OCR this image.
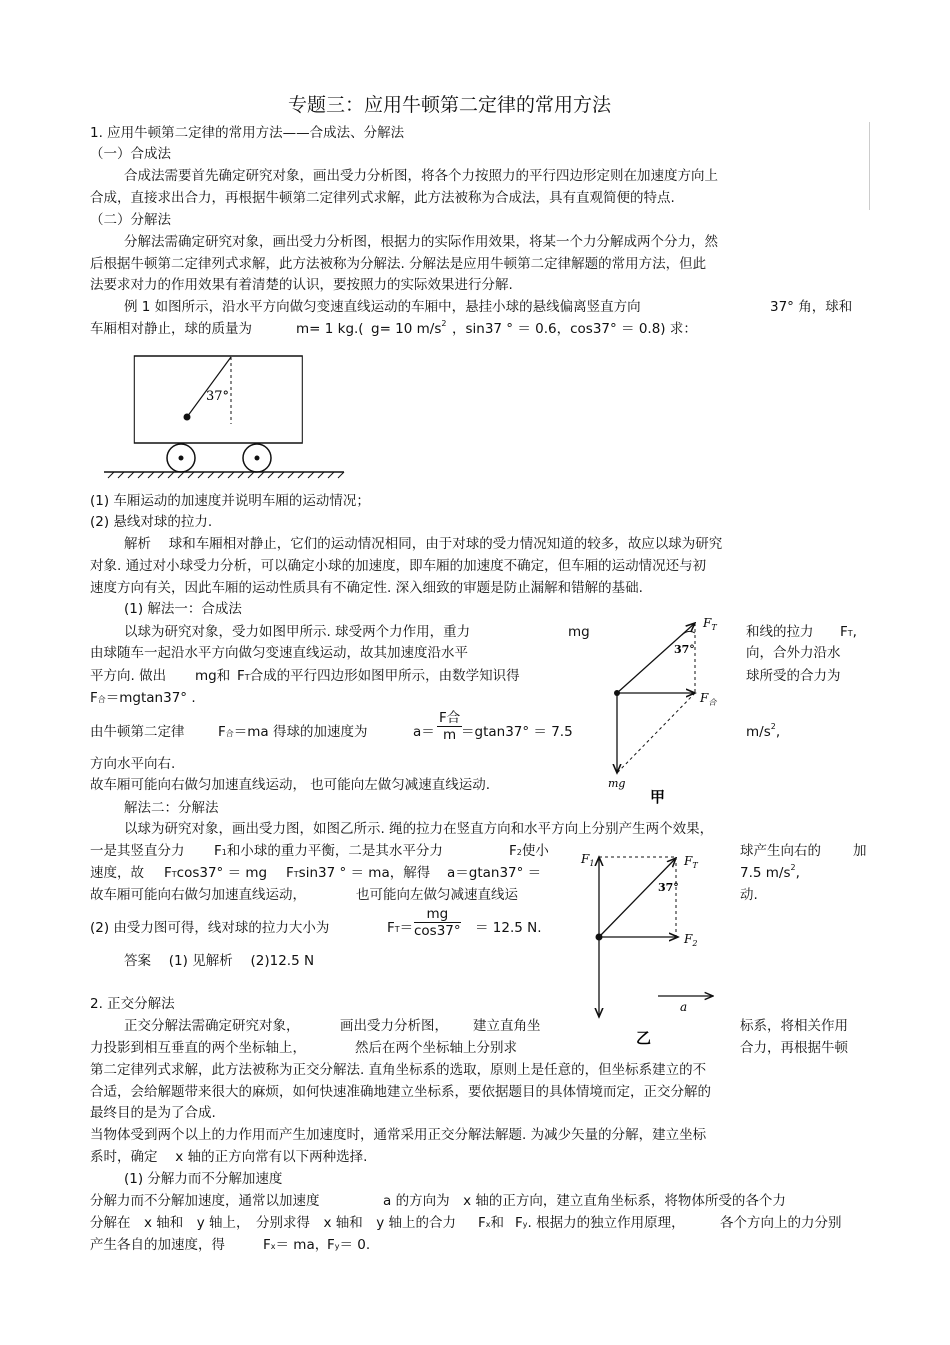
专题三：应用牛顿第二定律的常用方法
1. 应用牛顿第二定律的常用方法——合成法、分解法
（一）合成法
合成法需要首先确定研究对象，画出受力分析图，将各个力按照力的平行四边形定则在加速度方向上
合成，直接求出合力，再根据牛顿第二定律列式求解，此方法被称为合成法，具有直观简便的特点.
（二）分解法
分解法需确定研究对象，画出受力分析图，根据力的实际作用效果，将某一个力分解成两个分力，然
后根据牛顿第二定律列式求解，此方法被称为分解法. 分解法是应用牛顿第二定律解题的常用方法，但此
法要求对力的作用效果有着清楚的认识，要按照力的实际效果进行分解.
例 1 如图所示，沿水平方向做匀变速直线运动的车厢中，悬挂小球的悬线偏离竖直方向	37° 角，球和
车厢相对静止，球的质量为	m= 1 kg.( g= 10 $m/s^2$ ，sin37 ° ＝ 0.6，cos37° ＝ 0.8) 求：
37°
(1) 车厢运动的加速度并说明车厢的运动情况；
(2) 悬线对球的拉力.
解析　 球和车厢相对静止，它们的运动情况相同，由于对球的受力情况知道的较多，故应以球为研究
对象. 通过对小球受力分析，可以确定小球的加速度，即车厢的加速度不确定，但车厢的运动情况还与初
速度方向有关，因此车厢的运动性质具有不确定性. 深入细致的审题是防止漏解和错解的基础.
(1) 解法一：合成法
以球为研究对象，受力如图甲所示. 球受两个力作用，重力	mg	和线的拉力 FT,
由球随车一起沿水平方向做匀变速直线运动，故其加速度沿水平	向，合外力沿水
平方向. 做出 mg和 FT合成的平行四边形如图甲所示，由数学知识得	球所受的合力为
F合＝mgtan37° .
由牛顿第二定律 F合＝ma 得球的加速度为	a＝
F合
m ＝gtan37° ＝ 7.5	$m/s^2$,
方向水平向右.
故车厢可能向右做匀加速直线运动， 也可能向左做匀减速直线运动.
$F_T$
37°
$F_合$
mg
甲
解法二：分解法
以球为研究对象，画出受力图，如图乙所示. 绳的拉力在竖直方向和水平方向上分别产生两个效果，
一是其竖直分力 F1和小球的重力平衡，二是其水平分力	F2使小	球产生向右的 加
速度，故 FTcos37° ＝ mg FTsin37 ° ＝ ma，解得 a＝gtan37° ＝	7.5 $m/s^2$,
故车厢可能向右做匀加速直线运动，	也可能向左做匀减速直线运	动.
(2) 由受力图可得，线对球的拉力大小为	$FT= \frac{mg}{\cos 37^\circ} = 12.5$ N.
答案　 (1) 见解析　 (2)12.5 N
$F_1$	$F_T$
37°
$F_2$
a
乙
2. 正交分解法
正交分解法需确定研究对象，	画出受力分析图， 建立直角坐	标系，将相关作用
力投影到相互垂直的两个坐标轴上，	然后在两个坐标轴上分别求	合力，再根据牛顿
第二定律列式求解，此方法被称为正交分解法. 直角坐标系的选取，原则上是任意的，但坐标系建立的不
合适，会给解题带来很大的麻烦，如何快速准确地建立坐标系，要依据题目的具体情境而定，正交分解的
最终目的是为了合成.
当物体受到两个以上的力作用而产生加速度时，通常采用正交分解法解题. 为减少矢量的分解，建立坐标
系时，确定　 x 轴的正方向常有以下两种选择.
(1) 分解力而不分解加速度
分解力而不分解加速度，通常以加速度	a 的方向为　x 轴的正方向，建立直角坐标系，将物体所受的各个力
分解在　x 轴和　y 轴上， 分别求得　x 轴和　y 轴上的合力 Fx和 Fy. 根据力的独立作用原理，	各个方向上的力分别
产生各自的加速度，得	Fx＝ ma，
Fy＝ 0.
